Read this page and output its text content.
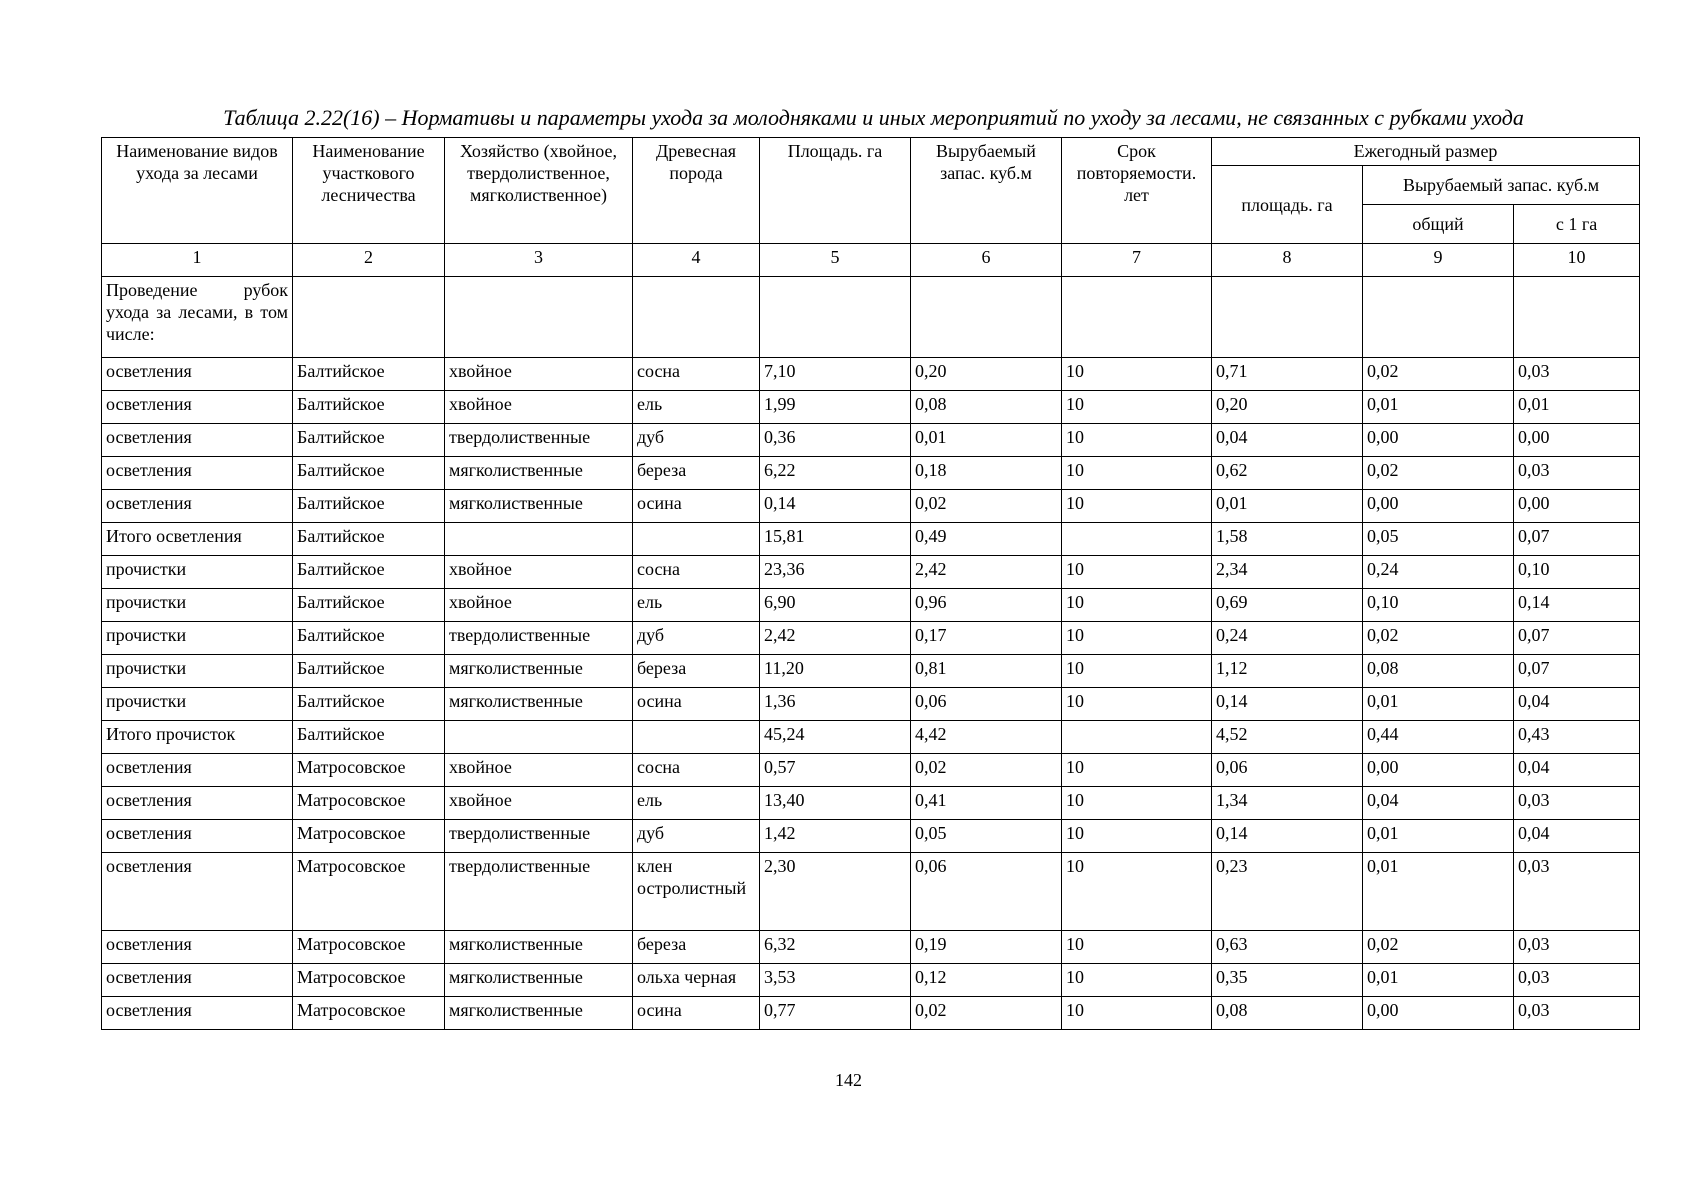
Таблица 2.22(16) – Нормативы и параметры ухода за молодняками и иных мероприятий по уходу за лесами, не связанных с рубками ухода
Наименование видов ухода за лесами	Наименование участкового лесничества	Хозяйство (хвойное, твердолиственное, мягколиственное)	Древесная порода	Площадь. га	Вырубаемый запас. куб.м	Срок повторяемости. лет	Ежегодный размер		
							площадь. га	Вырубаемый запас. куб.м	
								общий	с 1 га
1	2	3	4	5	6	7	8	9	10
Проведение рубок ухода за лесами, в том числе:									
осветления	Балтийское	хвойное	сосна	7,10	0,20	10	0,71	0,02	0,03
осветления	Балтийское	хвойное	ель	1,99	0,08	10	0,20	0,01	0,01
осветления	Балтийское	твердолиственные	дуб	0,36	0,01	10	0,04	0,00	0,00
осветления	Балтийское	мягколиственные	береза	6,22	0,18	10	0,62	0,02	0,03
осветления	Балтийское	мягколиственные	осина	0,14	0,02	10	0,01	0,00	0,00
Итого осветления	Балтийское			15,81	0,49		1,58	0,05	0,07
прочистки	Балтийское	хвойное	сосна	23,36	2,42	10	2,34	0,24	0,10
прочистки	Балтийское	хвойное	ель	6,90	0,96	10	0,69	0,10	0,14
прочистки	Балтийское	твердолиственные	дуб	2,42	0,17	10	0,24	0,02	0,07
прочистки	Балтийское	мягколиственные	береза	11,20	0,81	10	1,12	0,08	0,07
прочистки	Балтийское	мягколиственные	осина	1,36	0,06	10	0,14	0,01	0,04
Итого прочисток	Балтийское			45,24	4,42		4,52	0,44	0,43
осветления	Матросовское	хвойное	сосна	0,57	0,02	10	0,06	0,00	0,04
осветления	Матросовское	хвойное	ель	13,40	0,41	10	1,34	0,04	0,03
осветления	Матросовское	твердолиственные	дуб	1,42	0,05	10	0,14	0,01	0,04
осветления	Матросовское	твердолиственные	клен остролистный	2,30	0,06	10	0,23	0,01	0,03
осветления	Матросовское	мягколиственные	береза	6,32	0,19	10	0,63	0,02	0,03
осветления	Матросовское	мягколиственные	ольха черная	3,53	0,12	10	0,35	0,01	0,03
осветления	Матросовское	мягколиственные	осина	0,77	0,02	10	0,08	0,00	0,03
142
